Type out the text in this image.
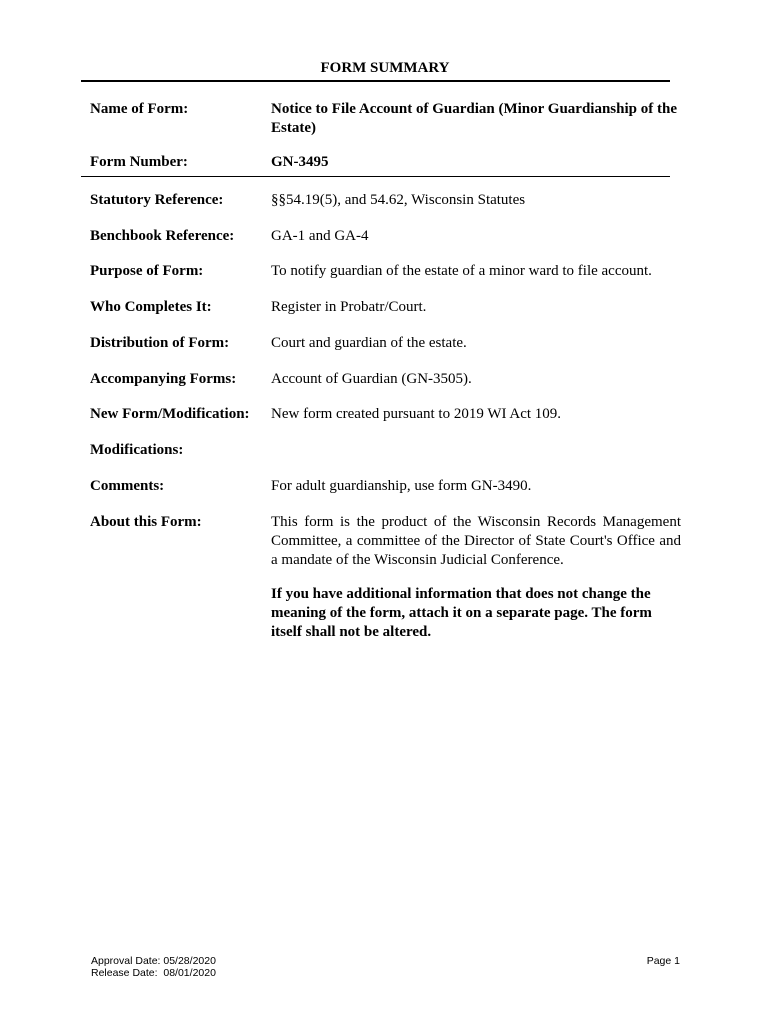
FORM SUMMARY
Name of Form:	Notice to File Account of Guardian (Minor Guardianship of the Estate)
Form Number:	GN-3495
Statutory Reference:	§§54.19(5), and 54.62, Wisconsin Statutes
Benchbook Reference:	GA-1 and GA-4
Purpose of Form:	To notify guardian of the estate of a minor ward to file account.
Who Completes It:	Register in Probatr/Court.
Distribution of Form:	Court and guardian of the estate.
Accompanying Forms:	Account of Guardian (GN-3505).
New Form/Modification:	New form created pursuant to 2019 WI Act 109.
Modifications:
Comments:	For adult guardianship, use form GN-3490.
About this Form:	This form is the product of the Wisconsin Records Management Committee, a committee of the Director of State Court's Office and a mandate of the Wisconsin Judicial Conference.
If you have additional information that does not change the meaning of the form, attach it on a separate page. The form itself shall not be altered.
Approval Date: 05/28/2020
Release Date:  08/01/2020
Page 1
